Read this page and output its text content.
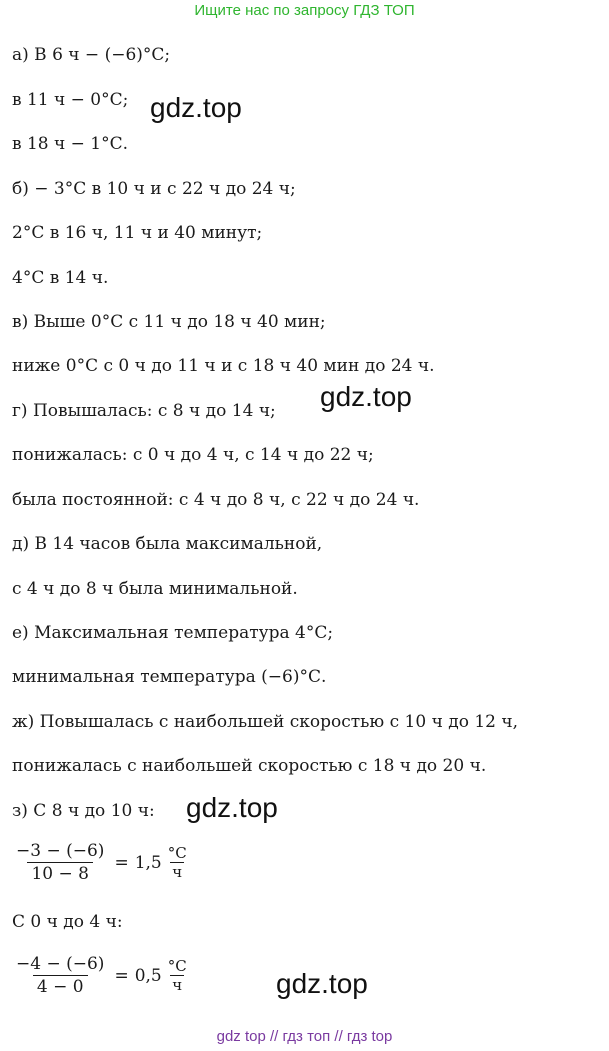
Ищите нас по запросу ГДЗ ТОП
а) В 6 ч − (−6)°С;
в 11 ч − 0°С;
в 18 ч − 1°С.
б) − 3°С в 10 ч и с 22 ч до 24 ч;
2°С в 16 ч, 11 ч и 40 минут;
4°С в 14 ч.
в) Выше 0°С с 11 ч до 18 ч 40 мин;
ниже 0°С с 0 ч до 11 ч и с 18 ч 40 мин до 24 ч.
г) Повышалась: с 8 ч до 14 ч;
понижалась: с 0 ч до 4 ч, с 14 ч до 22 ч;
была постоянной: с 4 ч до 8 ч, с 22 ч до 24 ч.
д) В 14 часов была максимальной,
с 4 ч до 8 ч была минимальной.
е) Максимальная температура 4°С;
минимальная температура (−6)°С.
ж) Повышалась с наибольшей скоростью с 10 ч до 12 ч,
понижалась с наибольшей скоростью с 18 ч до 20 ч.
з) С 8 ч до 10 ч:
$\frac{-3 - (-6)}{10 - 8} = 1,5 \frac{^\circ С}{ч}$
С 0 ч до 4 ч:
$\frac{-4 - (-6)}{4 - 0} = 0,5 \frac{^\circ С}{ч}$
gdz.top
gdz.top
gdz.top
gdz.top
gdz top // гдз топ // гдз top
